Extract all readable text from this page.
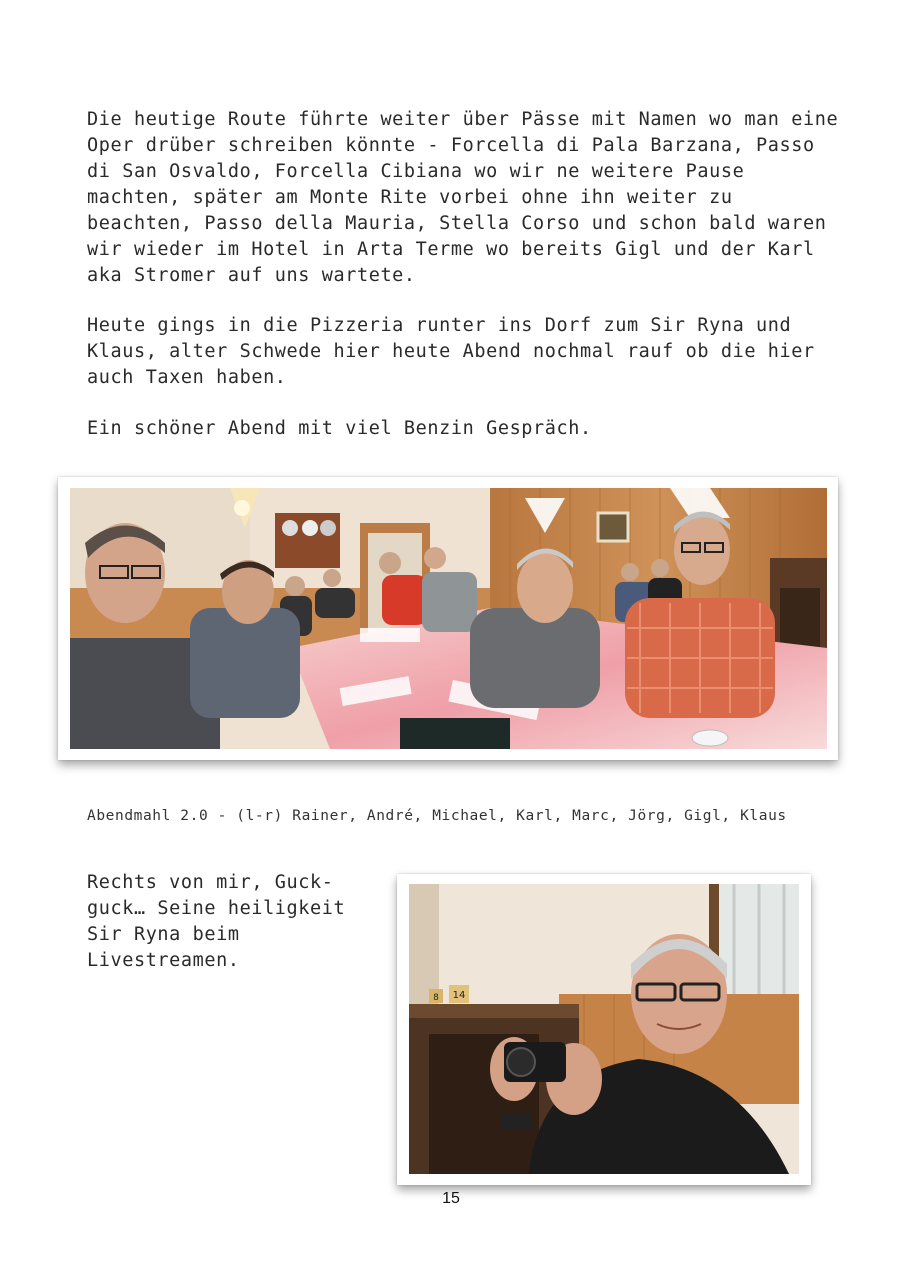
Die heutige Route führte weiter über Pässe mit Namen wo man eine Oper drüber schreiben könnte - Forcella di Pala Barzana, Passo di San Osvaldo, Forcella Cibiana wo wir ne weitere Pause machten, später am Monte Rite vorbei ohne ihn weiter zu beachten, Passo della Mauria, Stella Corso und schon bald waren wir wieder im Hotel in Arta Terme wo bereits Gigl und der Karl aka Stromer auf uns wartete.

Heute gings in die Pizzeria runter ins Dorf zum Sir Ryna und Klaus, alter Schwede hier heute Abend nochmal rauf ob die hier auch Taxen haben.

Ein schöner Abend mit viel Benzin Gespräch.

Abendmahl 2.0 - (l-r) Rainer, André, Michael, Karl, Marc, Jörg, Gigl, Klaus

Rechts von mir, Guck-guck… Seine heiligkeit Sir Ryna beim Livestreamen.

8 14
15
